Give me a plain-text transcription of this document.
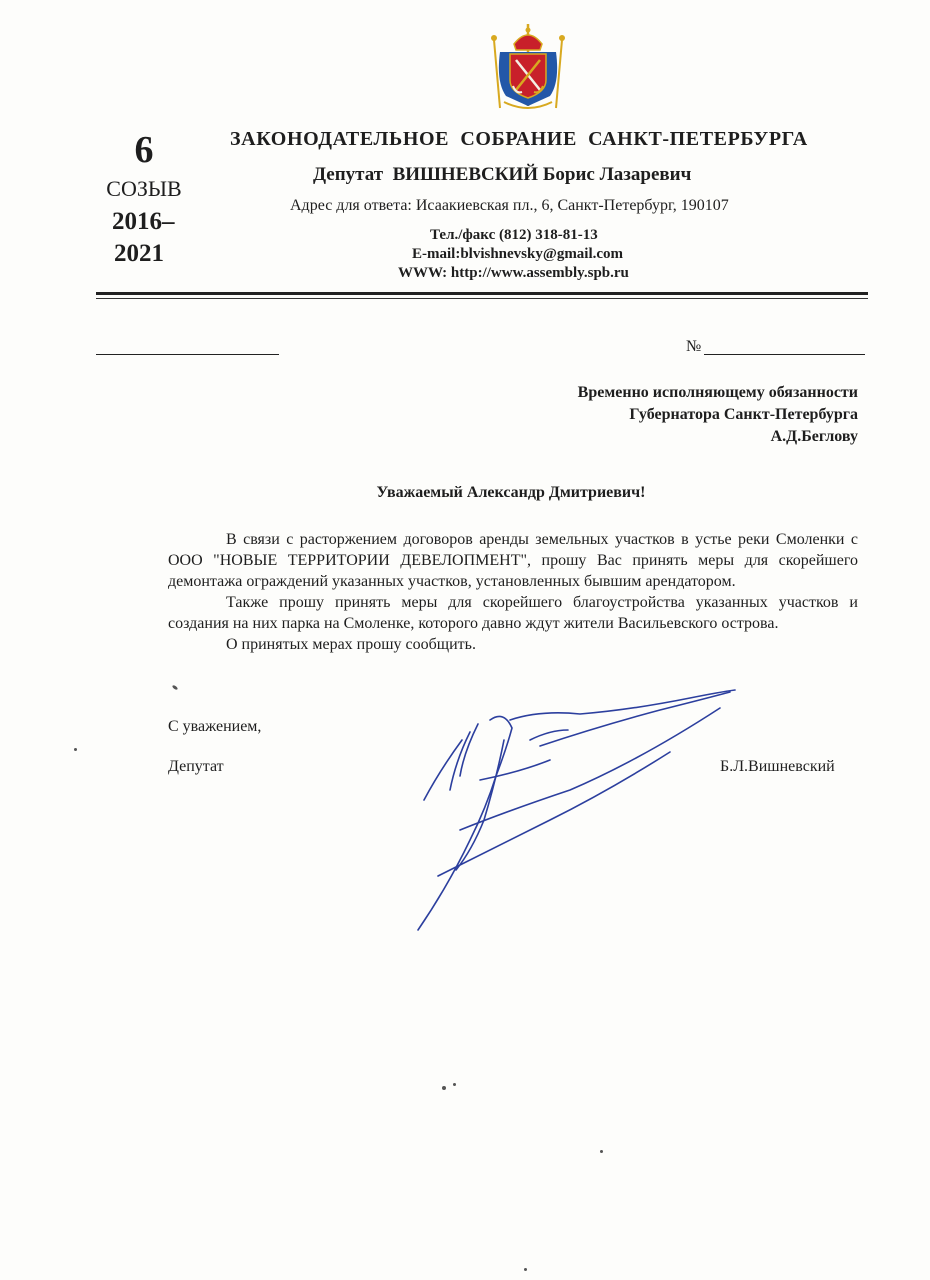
6
СОЗЫВ
2016–
2021
ЗАКОНОДАТЕЛЬНОЕ  СОБРАНИЕ  САНКТ-ПЕТЕРБУРГА
Депутат  ВИШНЕВСКИЙ Борис Лазаревич
Адрес для ответа: Исаакиевская пл., 6, Санкт-Петербург, 190107
Тел./факс (812) 318-81-13
E-mail:blvishnevsky@gmail.com
WWW: http://www.assembly.spb.ru
№
Временно исполняющему обязанности
Губернатора Санкт-Петербурга
А.Д.Беглову
Уважаемый Александр Дмитриевич!

В связи с расторжением договоров аренды земельных участков в устье реки Смоленки с ООО "НОВЫЕ ТЕРРИТОРИИ ДЕВЕЛОПМЕНТ", прошу Вас принять меры для скорейшего демонтажа ограждений указанных участков, установленных бывшим арендатором.

Также прошу принять меры для скорейшего благоустройства указанных участков и создания на них парка на Смоленке, которого давно ждут жители Васильевского острова.

О принятых мерах прошу сообщить.

С уважением,
Депутат	Б.Л.Вишневский
